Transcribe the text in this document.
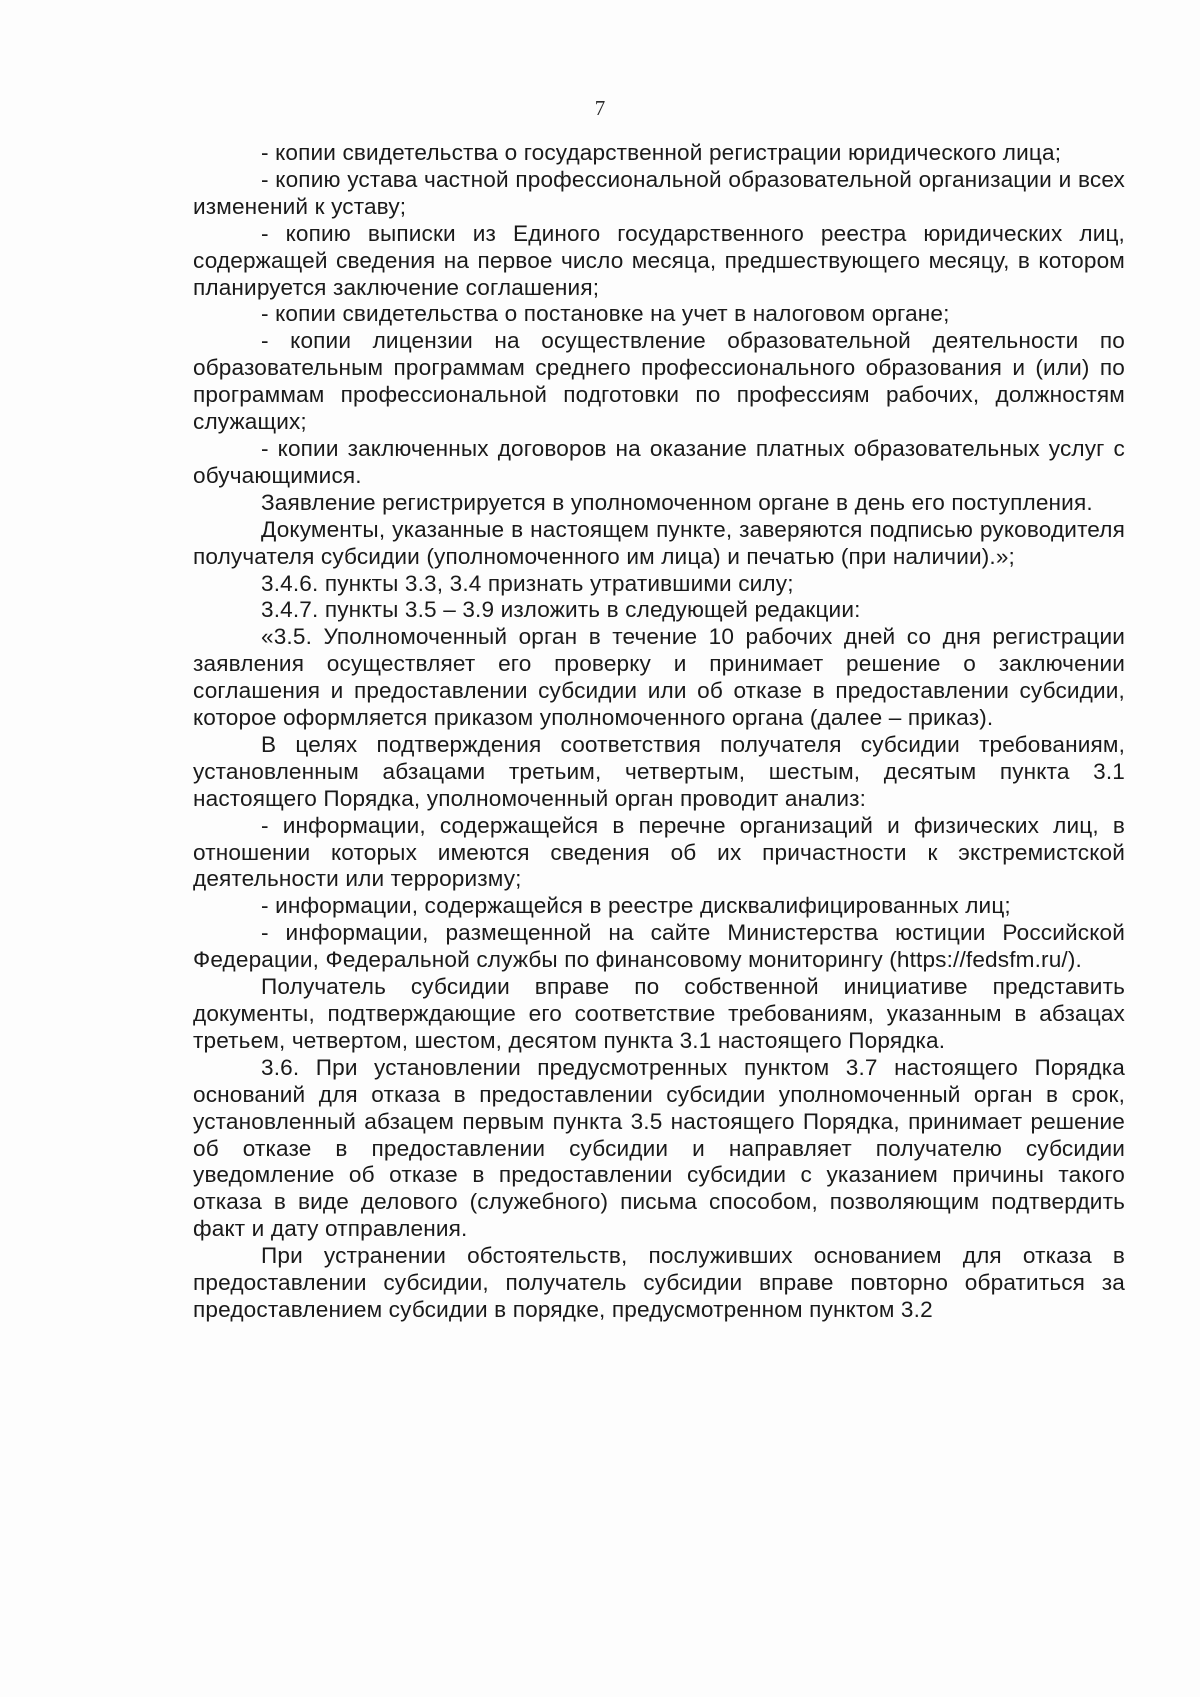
7

- копии свидетельства о государственной регистрации юридического лица;

- копию устава частной профессиональной образовательной организации и всех изменений к уставу;

- копию выписки из Единого государственного реестра юридических лиц, содержащей сведения на первое число месяца, предшествующего месяцу, в котором планируется заключение соглашения;

- копии свидетельства о постановке на учет в налоговом органе;

- копии лицензии на осуществление образовательной деятельности по образовательным программам среднего профессионального образования и (или) по программам профессиональной подготовки по профессиям рабочих, должностям служащих;

- копии заключенных договоров на оказание платных образовательных услуг с обучающимися.

Заявление регистрируется в уполномоченном органе в день его поступления.

Документы, указанные в настоящем пункте, заверяются подписью руководителя получателя субсидии (уполномоченного им лица) и печатью (при наличии).»;

3.4.6. пункты 3.3, 3.4 признать утратившими силу;

3.4.7. пункты 3.5 – 3.9 изложить в следующей редакции:

«3.5. Уполномоченный орган в течение 10 рабочих дней со дня регистрации заявления осуществляет его проверку и принимает решение о заключении соглашения и предоставлении субсидии или об отказе в предоставлении субсидии, которое оформляется приказом уполномоченного органа (далее – приказ).

В целях подтверждения соответствия получателя субсидии требованиям, установленным абзацами третьим, четвертым, шестым, десятым пункта 3.1 настоящего Порядка, уполномоченный орган проводит анализ:

- информации, содержащейся в перечне организаций и физических лиц, в отношении которых имеются сведения об их причастности к экстремистской деятельности или терроризму;

- информации, содержащейся в реестре дисквалифицированных лиц;

- информации, размещенной на сайте Министерства юстиции Российской Федерации, Федеральной службы по финансовому мониторингу (https://fedsfm.ru/).

Получатель субсидии вправе по собственной инициативе представить документы, подтверждающие его соответствие требованиям, указанным в абзацах третьем, четвертом, шестом, десятом пункта 3.1 настоящего Порядка.

3.6. При установлении предусмотренных пунктом 3.7 настоящего Порядка оснований для отказа в предоставлении субсидии уполномоченный орган в срок, установленный абзацем первым пункта 3.5 настоящего Порядка, принимает решение об отказе в предоставлении субсидии и направляет получателю субсидии уведомление об отказе в предоставлении субсидии с указанием причины такого отказа в виде делового (служебного) письма способом, позволяющим подтвердить факт и дату отправления.

При устранении обстоятельств, послуживших основанием для отказа в предоставлении субсидии, получатель субсидии вправе повторно обратиться за предоставлением субсидии в порядке, предусмотренном пунктом 3.2
